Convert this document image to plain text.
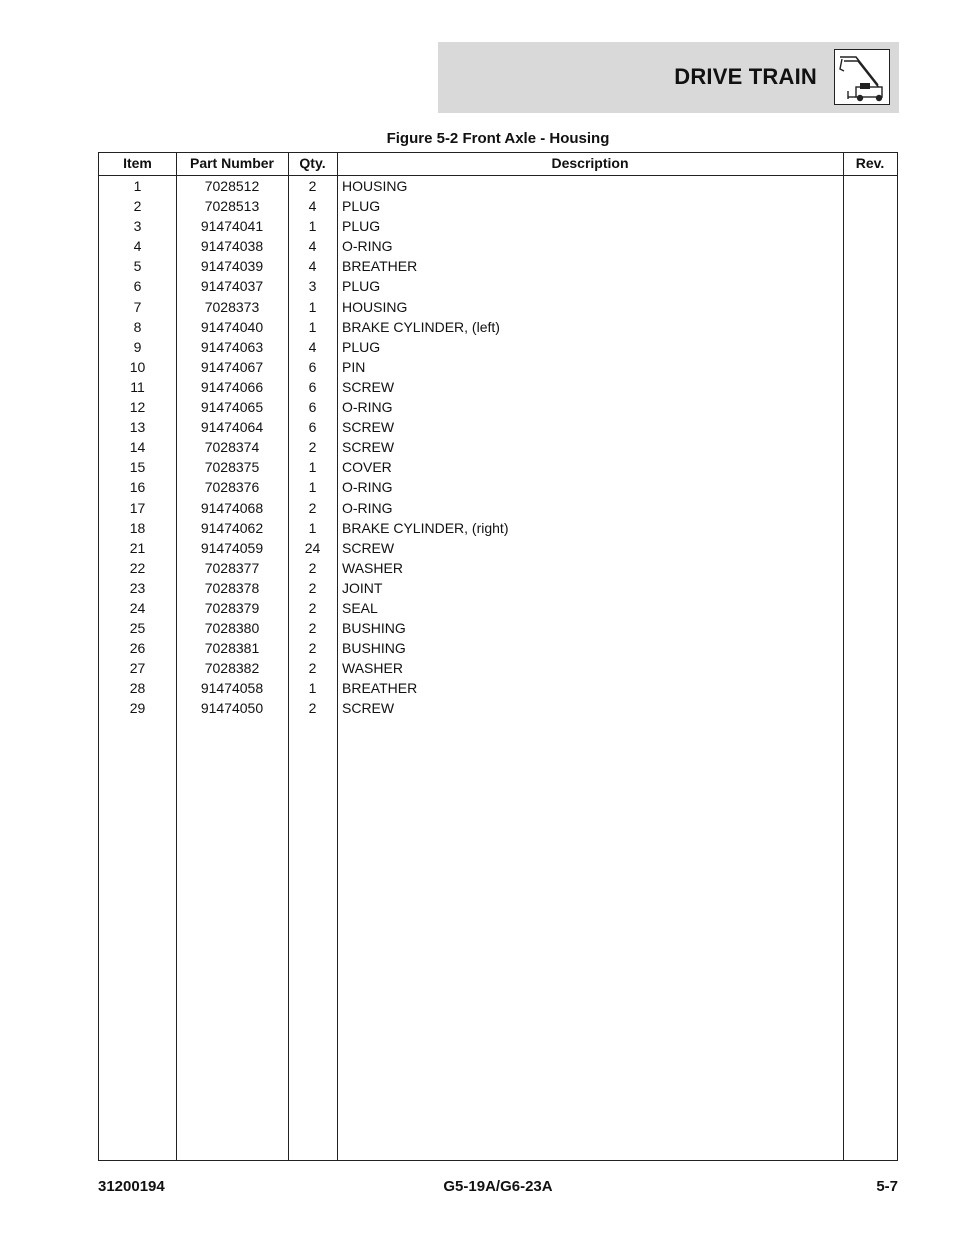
DRIVE TRAIN
Figure 5-2 Front Axle - Housing
Item	Part Number	Qty.	Description	Rev.
1	7028512	2	HOUSING
2	7028513	4	PLUG
3	91474041	1	PLUG
4	91474038	4	O-RING
5	91474039	4	BREATHER
6	91474037	3	PLUG
7	7028373	1	HOUSING
8	91474040	1	BRAKE CYLINDER, (left)
9	91474063	4	PLUG
10	91474067	6	PIN
11	91474066	6	SCREW
12	91474065	6	O-RING
13	91474064	6	SCREW
14	7028374	2	SCREW
15	7028375	1	COVER
16	7028376	1	O-RING
17	91474068	2	O-RING
18	91474062	1	BRAKE CYLINDER, (right)
21	91474059	24	SCREW
22	7028377	2	WASHER
23	7028378	2	JOINT
24	7028379	2	SEAL
25	7028380	2	BUSHING
26	7028381	2	BUSHING
27	7028382	2	WASHER
28	91474058	1	BREATHER
29	91474050	2	SCREW
31200194	G5-19A/G6-23A	5-7
